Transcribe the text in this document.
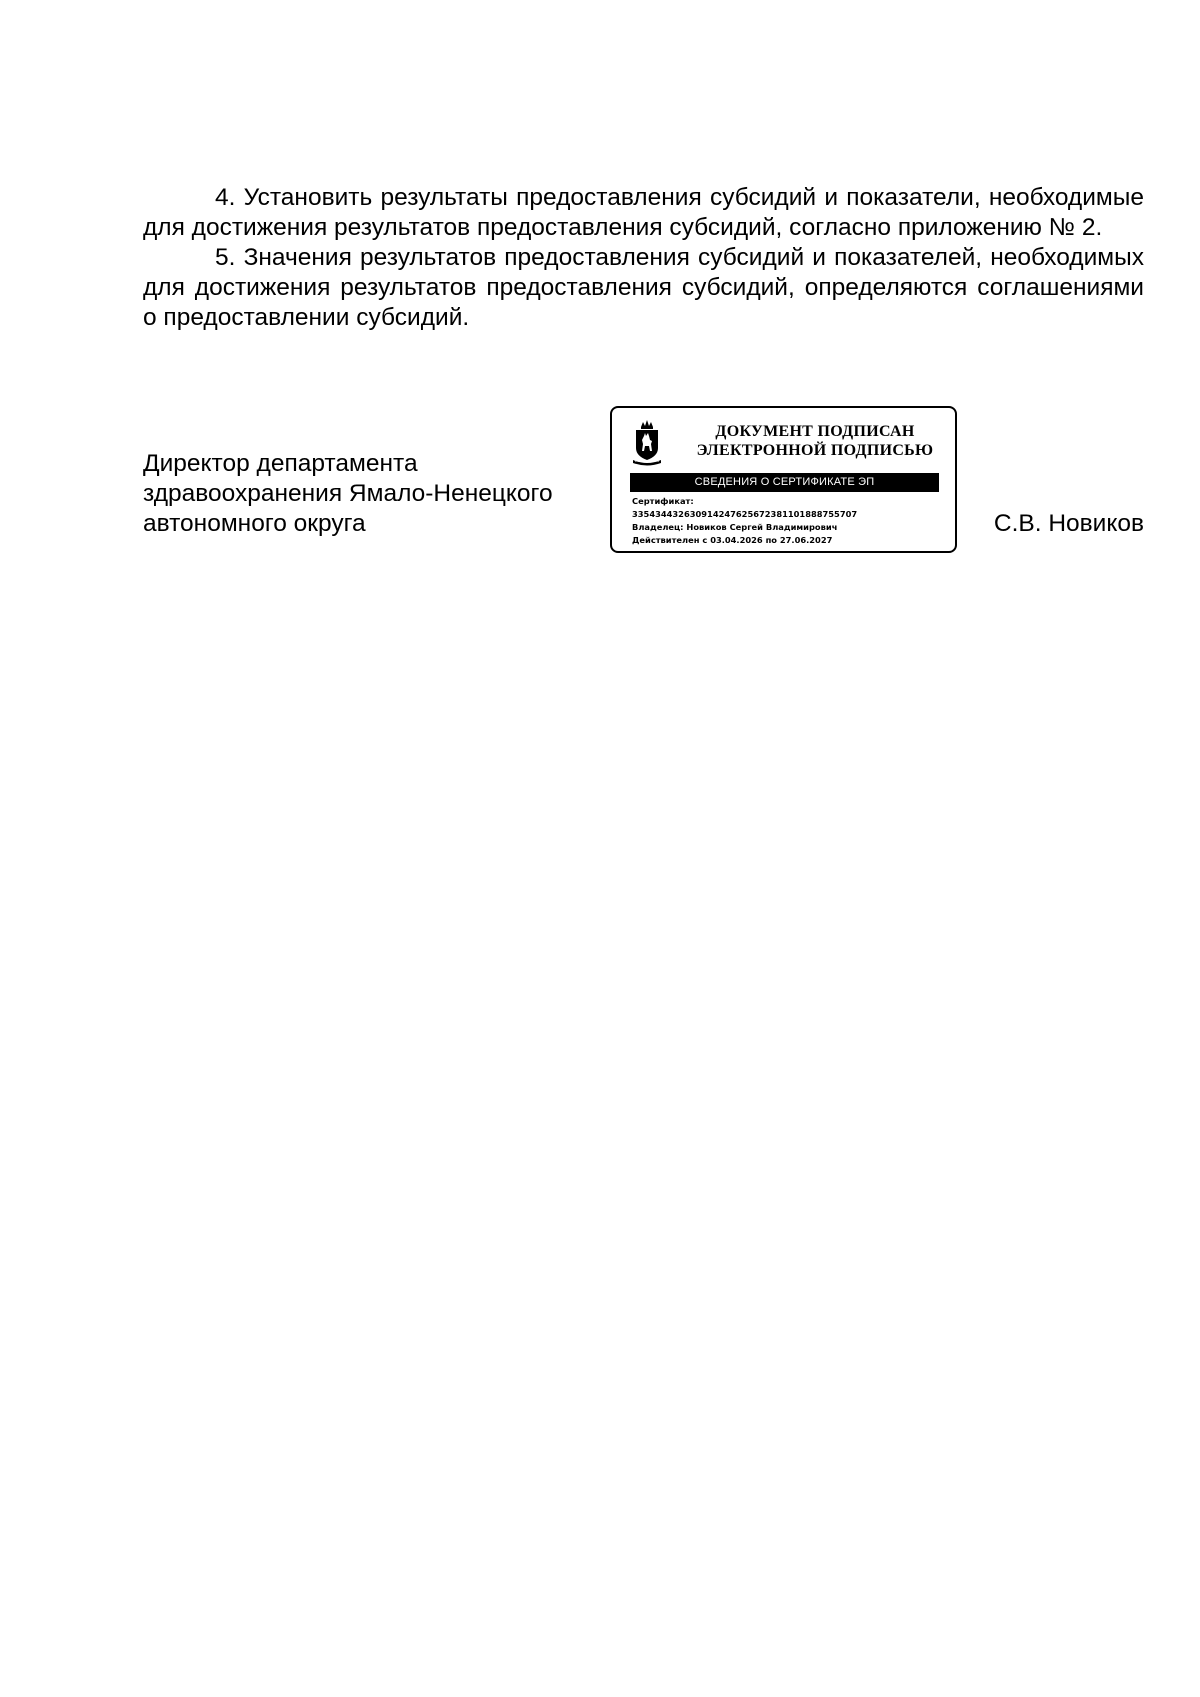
4. Установить результаты предоставления субсидий и показатели, необходимые для достижения результатов предоставления субсидий, согласно приложению № 2.

5. Значения результатов предоставления субсидий и показателей, необходимых для достижения результатов предоставления субсидий, определяются соглашениями о предоставлении субсидий.

Директор департамента
здравоохранения Ямало-Ненецкого
автономного округа
ДОКУМЕНТ ПОДПИСАН
ЭЛЕКТРОННОЙ ПОДПИСЬЮ
СВЕДЕНИЯ О СЕРТИФИКАТЕ ЭП
Сертификат:
335434432630914247625672381101888755707
Владелец: Новиков Сергей Владимирович
Действителен с 03.04.2026 по 27.06.2027
С.В. Новиков
